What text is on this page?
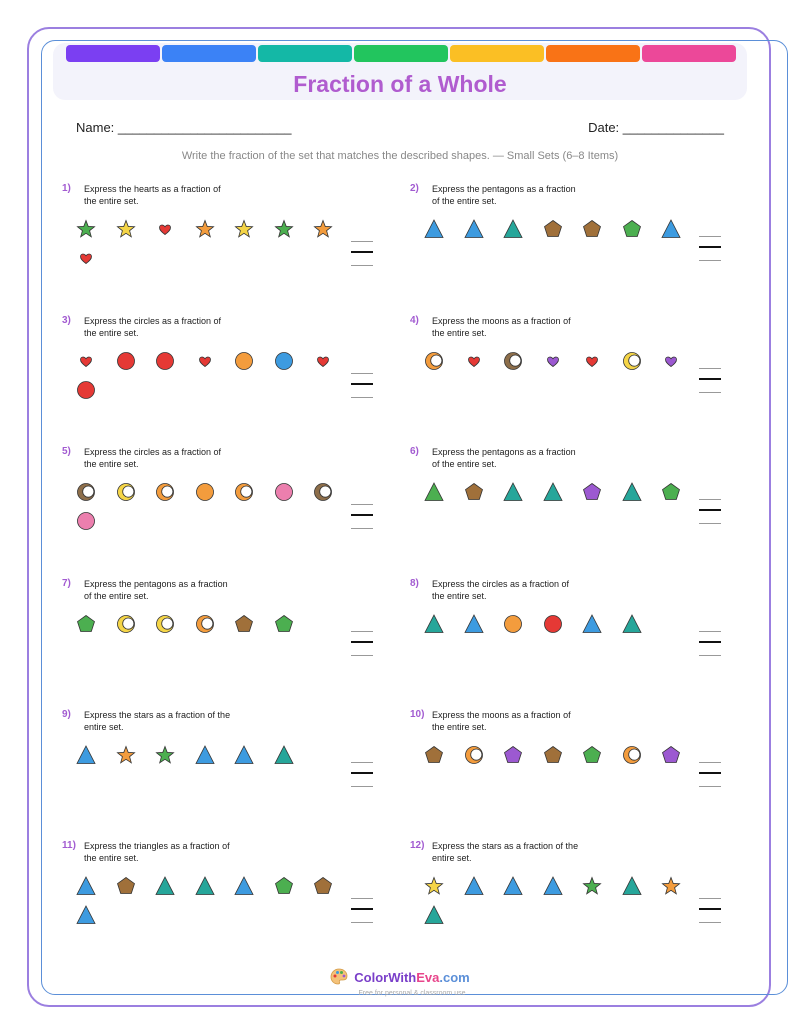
Fraction of a Whole
Name: ________________________	Date: ______________
Write the fraction of the set that matches the described shapes. — Small Sets (6–8 Items)
1) Express the hearts as a fraction of the entire set.
2) Express the pentagons as a fraction of the entire set.
3) Express the circles as a fraction of the entire set.
4) Express the moons as a fraction of the entire set.
5) Express the circles as a fraction of the entire set.
6) Express the pentagons as a fraction of the entire set.
7) Express the pentagons as a fraction of the entire set.
8) Express the circles as a fraction of the entire set.
9) Express the stars as a fraction of the entire set.
10) Express the moons as a fraction of the entire set.
11) Express the triangles as a fraction of the entire set.
12) Express the stars as a fraction of the entire set.
ColorWithEva.com
Free for personal & classroom use
